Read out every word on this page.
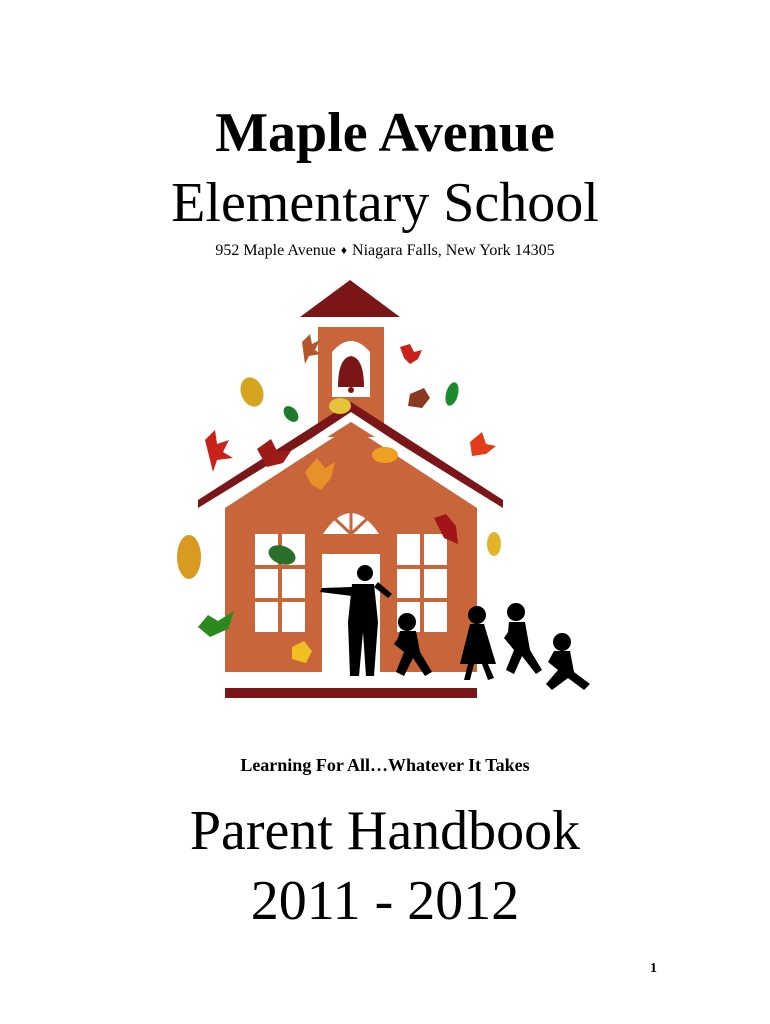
Maple Avenue
Elementary School
952 Maple Avenue ♦ Niagara Falls, New York 14305
Learning For All…Whatever It Takes
Parent Handbook
2011 - 2012
1
